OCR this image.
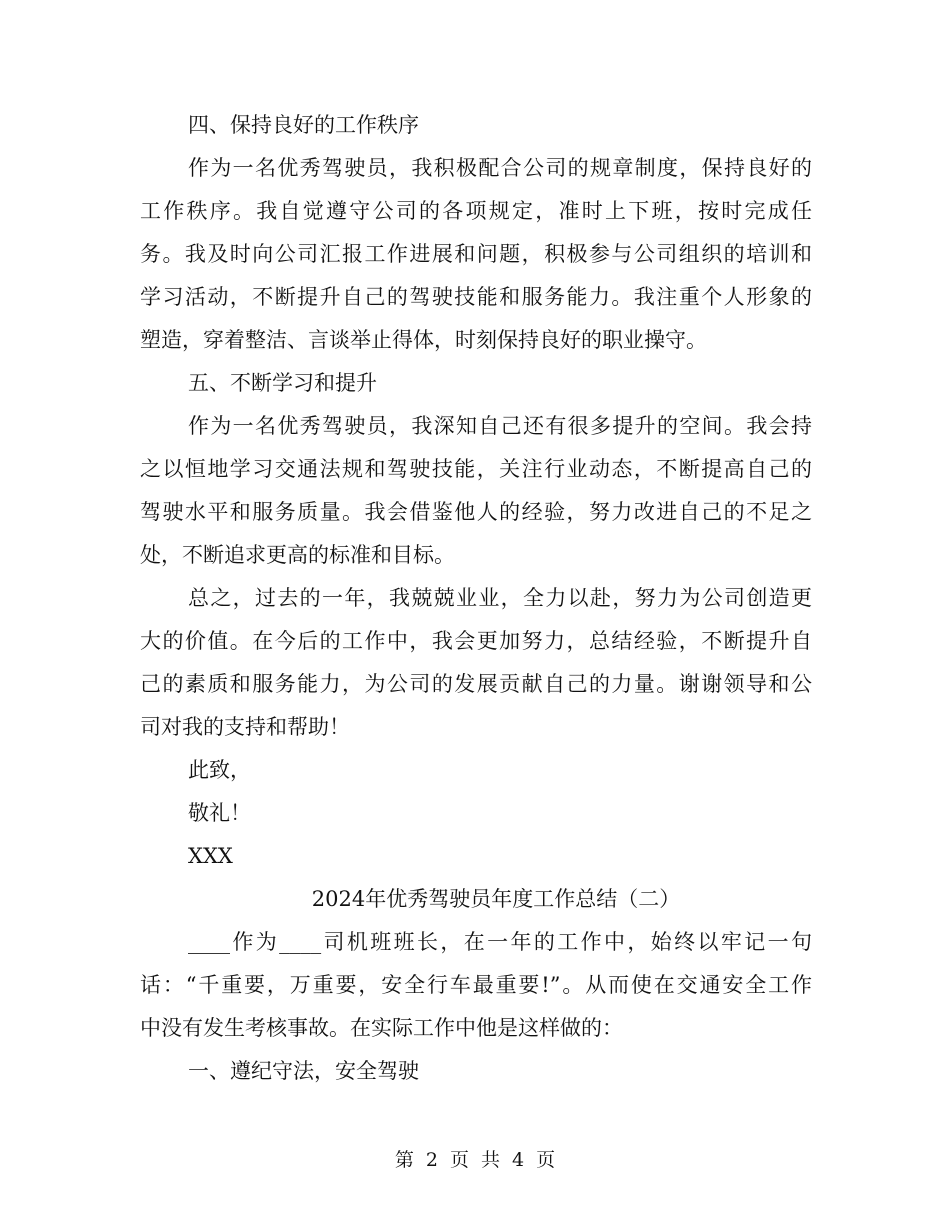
四、保持良好的工作秩序
作为一名优秀驾驶员，我积极配合公司的规章制度，保持良好的
工作秩序。我自觉遵守公司的各项规定，准时上下班，按时完成任
务。我及时向公司汇报工作进展和问题，积极参与公司组织的培训和
学习活动，不断提升自己的驾驶技能和服务能力。我注重个人形象的
塑造，穿着整洁、言谈举止得体，时刻保持良好的职业操守。
五、不断学习和提升
作为一名优秀驾驶员，我深知自己还有很多提升的空间。我会持
之以恒地学习交通法规和驾驶技能，关注行业动态，不断提高自己的
驾驶水平和服务质量。我会借鉴他人的经验，努力改进自己的不足之
处，不断追求更高的标准和目标。
总之，过去的一年，我兢兢业业，全力以赴，努力为公司创造更
大的价值。在今后的工作中，我会更加努力，总结经验，不断提升自
己的素质和服务能力，为公司的发展贡献自己的力量。谢谢领导和公
司对我的支持和帮助！
此致，
敬礼！
XXX
2024年优秀驾驶员年度工作总结（二）
____作为____司机班班长，在一年的工作中，始终以牢记一句
话：“千重要，万重要，安全行车最重要!”。从而使在交通安全工作
中没有发生考核事故。在实际工作中他是这样做的：
一、遵纪守法，安全驾驶
第 2 页 共 4 页
